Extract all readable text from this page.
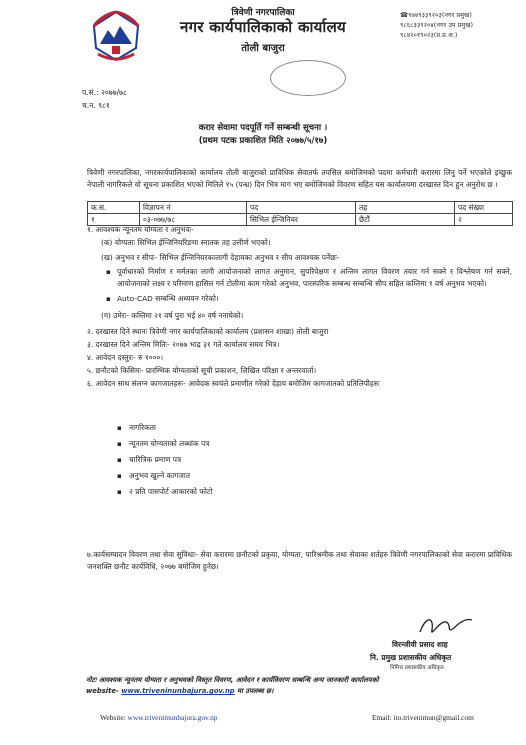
त्रिवेणी नगरपालिका
नगर कार्यपालिकाको कार्यालय
तोली बाजुरा
☎९७४९३३९२०३(नगर प्रमुख)
९८६८३३९२०४(नगर उप प्रमुख)
९८४२०१९०२३(प्र.प्र.अ.)
प.सं.: २०७७/७८
च.न. ९८१
करार सेवामा पदपूर्ति गर्ने सम्बन्धी सूचना ।
(प्रथम पटक प्रकाशित मिति २०७७/५/१७)
त्रिवेणी नगरपालिका, नगरकार्यपालिकाको कार्यालय तोली बाजुराको प्राविधिक सेवातर्फ तपसिल बमोजिमको पदमा कर्मचारी करारमा लिनु पर्ने भएकोले इच्छुक नेपाली नागरिकले यो सूचना प्रकाशित भएको मितिले १५ (पन्ध्र) दिन भित्र माग भए बमोजिमको विवरण सहित यस कार्यालयमा दरखास्त दिन हुन अनुरोध छ ।
क.स.	विज्ञापन नं	पद	तह	पद संख्या
१	०३-०७७/७८	सिभिल ईन्जिनियर	छैटौं	२

१. आवश्यक न्यूनतम योग्यता र अनुभवः-

(क) योग्यताः सिभिल ईन्जिनियरिङमा स्नातक तह उत्तीर्ण भएको।

(ख) अनुभव र सीपः- सिभिल ईन्जिनियरकालागी देहायका अनुभव र सीप आवश्यक पर्नेछः-

▪ पूर्वाधारको निर्माण र मर्मतका लागी आयोजनाको लागत अनुमान, सुपरिवेक्षण र अन्तिम लागत विवरण तयार गर्न सक्ने र विश्लेषण गर्न सक्ने, आयोजनाको लक्ष्य र परिमाण हासिल गर्न टोलीमा काम गरेको अनुभव, पारस्परिक सम्बन्ध सम्बन्धि सीप सहित कम्तिमा १ वर्ष अनुभव भएको।

▪ Auto-CAD सम्बन्धि अध्ययन गरेको।

(ग) उमेरः- कम्तिमा २१ वर्ष पुरा भई ४० वर्ष ननाघेको।

२. दरखास्त दिने स्थानः त्रिवेणी नगर कार्यपालिकाको कार्यालय (प्रशासन शाखा) तोली बाजुरा

३. दरखास्त दिने अन्तिम मितिः- २०७७ भाद्र ३१ गते कार्यालय समय भित्र।

४. आवेदन दस्तुरः- रु १०००।

५. छनौटको किसिमः- प्रारम्भिक योग्यताको सूची प्रकाशन, लिखित परिक्षा र अन्तरवार्ता।

६. आवेदन साथ संलग्न कागजातहरुः- आवेदक स्वयंले प्रमाणीत गरेको देहाय बमोजिम कागजातको प्रतिलिपीहरुः

▪ नागरिकता
▪ न्यूनतम योग्यताको लब्धांक पत्र
▪ चारित्रिक प्रमाण पत्र
▪ अनुभव खुल्ने कागजात
▪ २ प्रति पासपोर्ट आकारको फोटो
७.कार्यसम्पादन विवरण तथा सेवा सुविधाः- सेवा करारमा छनौटको प्रकृया, योग्यता, पारिश्रमीक तथा सेवाका शर्तहरु त्रिवेणी नगरपालिकाको सेवा करारमा प्राविधिक जनशक्ति छनौट कार्यविधि, २०७७ बमोजिम हुनेछ।
विरन्जीवी प्रसाद शाह
नि. प्रमुख प्रशासकीय अधिकृत
निमित्त प्रशासकीय अधिकृत
नोटः आवश्यक न्यूनतम योग्यता र अनुभवको विस्तृत विवरण, आवेदन र कार्यविवरण सम्बन्धि अन्य जानकारी कार्यालयको
website- www.triveninunbajura.gov.np मा उपलब्ध छ।
Website: www.trivenimunbajura.gov.np	Email: ito.trivenimun@gmail.com
